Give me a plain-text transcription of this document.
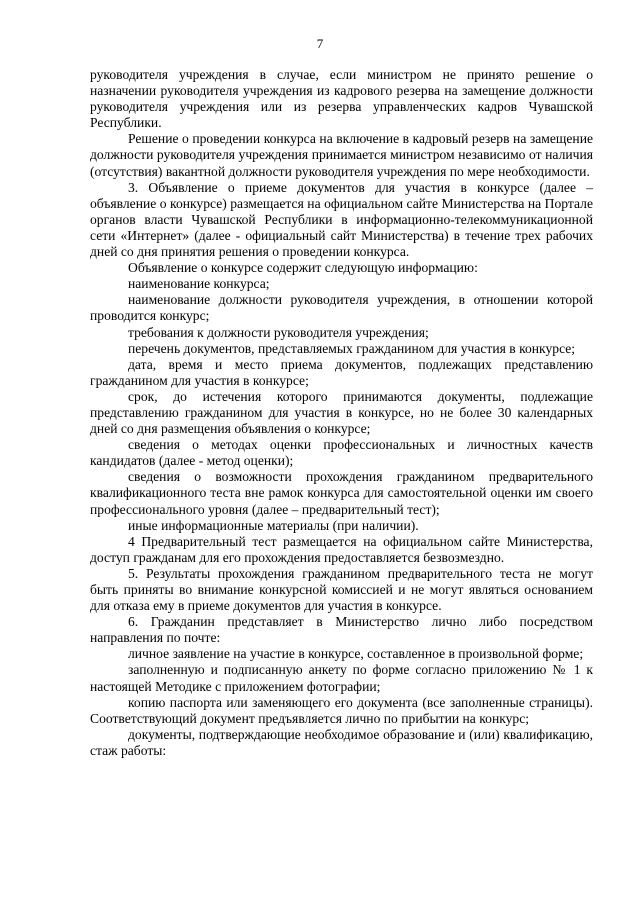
7

руководителя учреждения в случае, если министром не принято решение о назначении руководителя учреждения из кадрового резерва на замещение должности руководителя учреждения или из резерва управленческих кадров Чувашской Республики.

Решение о проведении конкурса на включение в кадровый резерв на замещение должности руководителя учреждения принимается министром независимо от наличия (отсутствия) вакантной должности руководителя учреждения по мере необходимости.

3. Объявление о приеме документов для участия в конкурсе (далее – объявление о конкурсе) размещается на официальном сайте Министерства на Портале органов власти Чувашской Республики в информационно-телекоммуникационной сети «Интернет» (далее - официальный сайт Министерства) в течение трех рабочих дней со дня принятия решения о проведении конкурса.

Объявление о конкурсе содержит следующую информацию:

наименование конкурса;

наименование должности руководителя учреждения, в отношении которой проводится конкурс;

требования к должности руководителя учреждения;

перечень документов, представляемых гражданином для участия в конкурсе;

дата, время и место приема документов, подлежащих представлению гражданином для участия в конкурсе;

срок, до истечения которого принимаются документы, подлежащие представлению гражданином для участия в конкурсе, но не более 30 календарных дней со дня размещения объявления о конкурсе;

сведения о методах оценки профессиональных и личностных качеств кандидатов (далее - метод оценки);

сведения о возможности прохождения гражданином предварительного квалификационного теста вне рамок конкурса для самостоятельной оценки им своего профессионального уровня (далее – предварительный тест);

иные информационные материалы (при наличии).

4 Предварительный тест размещается на официальном сайте Министерства, доступ гражданам для его прохождения предоставляется безвозмездно.

5. Результаты прохождения гражданином предварительного теста не могут быть приняты во внимание конкурсной комиссией и не могут являться основанием для отказа ему в приеме документов для участия в конкурсе.

6. Гражданин представляет в Министерство лично либо посредством направления по почте:

личное заявление на участие в конкурсе, составленное в произвольной форме;

заполненную и подписанную анкету по форме согласно приложению № 1 к настоящей Методике с приложением фотографии;

копию паспорта или заменяющего его документа (все заполненные страницы). Соответствующий документ предъявляется лично по прибытии на конкурс;

документы, подтверждающие необходимое образование и (или) квалификацию, стаж работы:
